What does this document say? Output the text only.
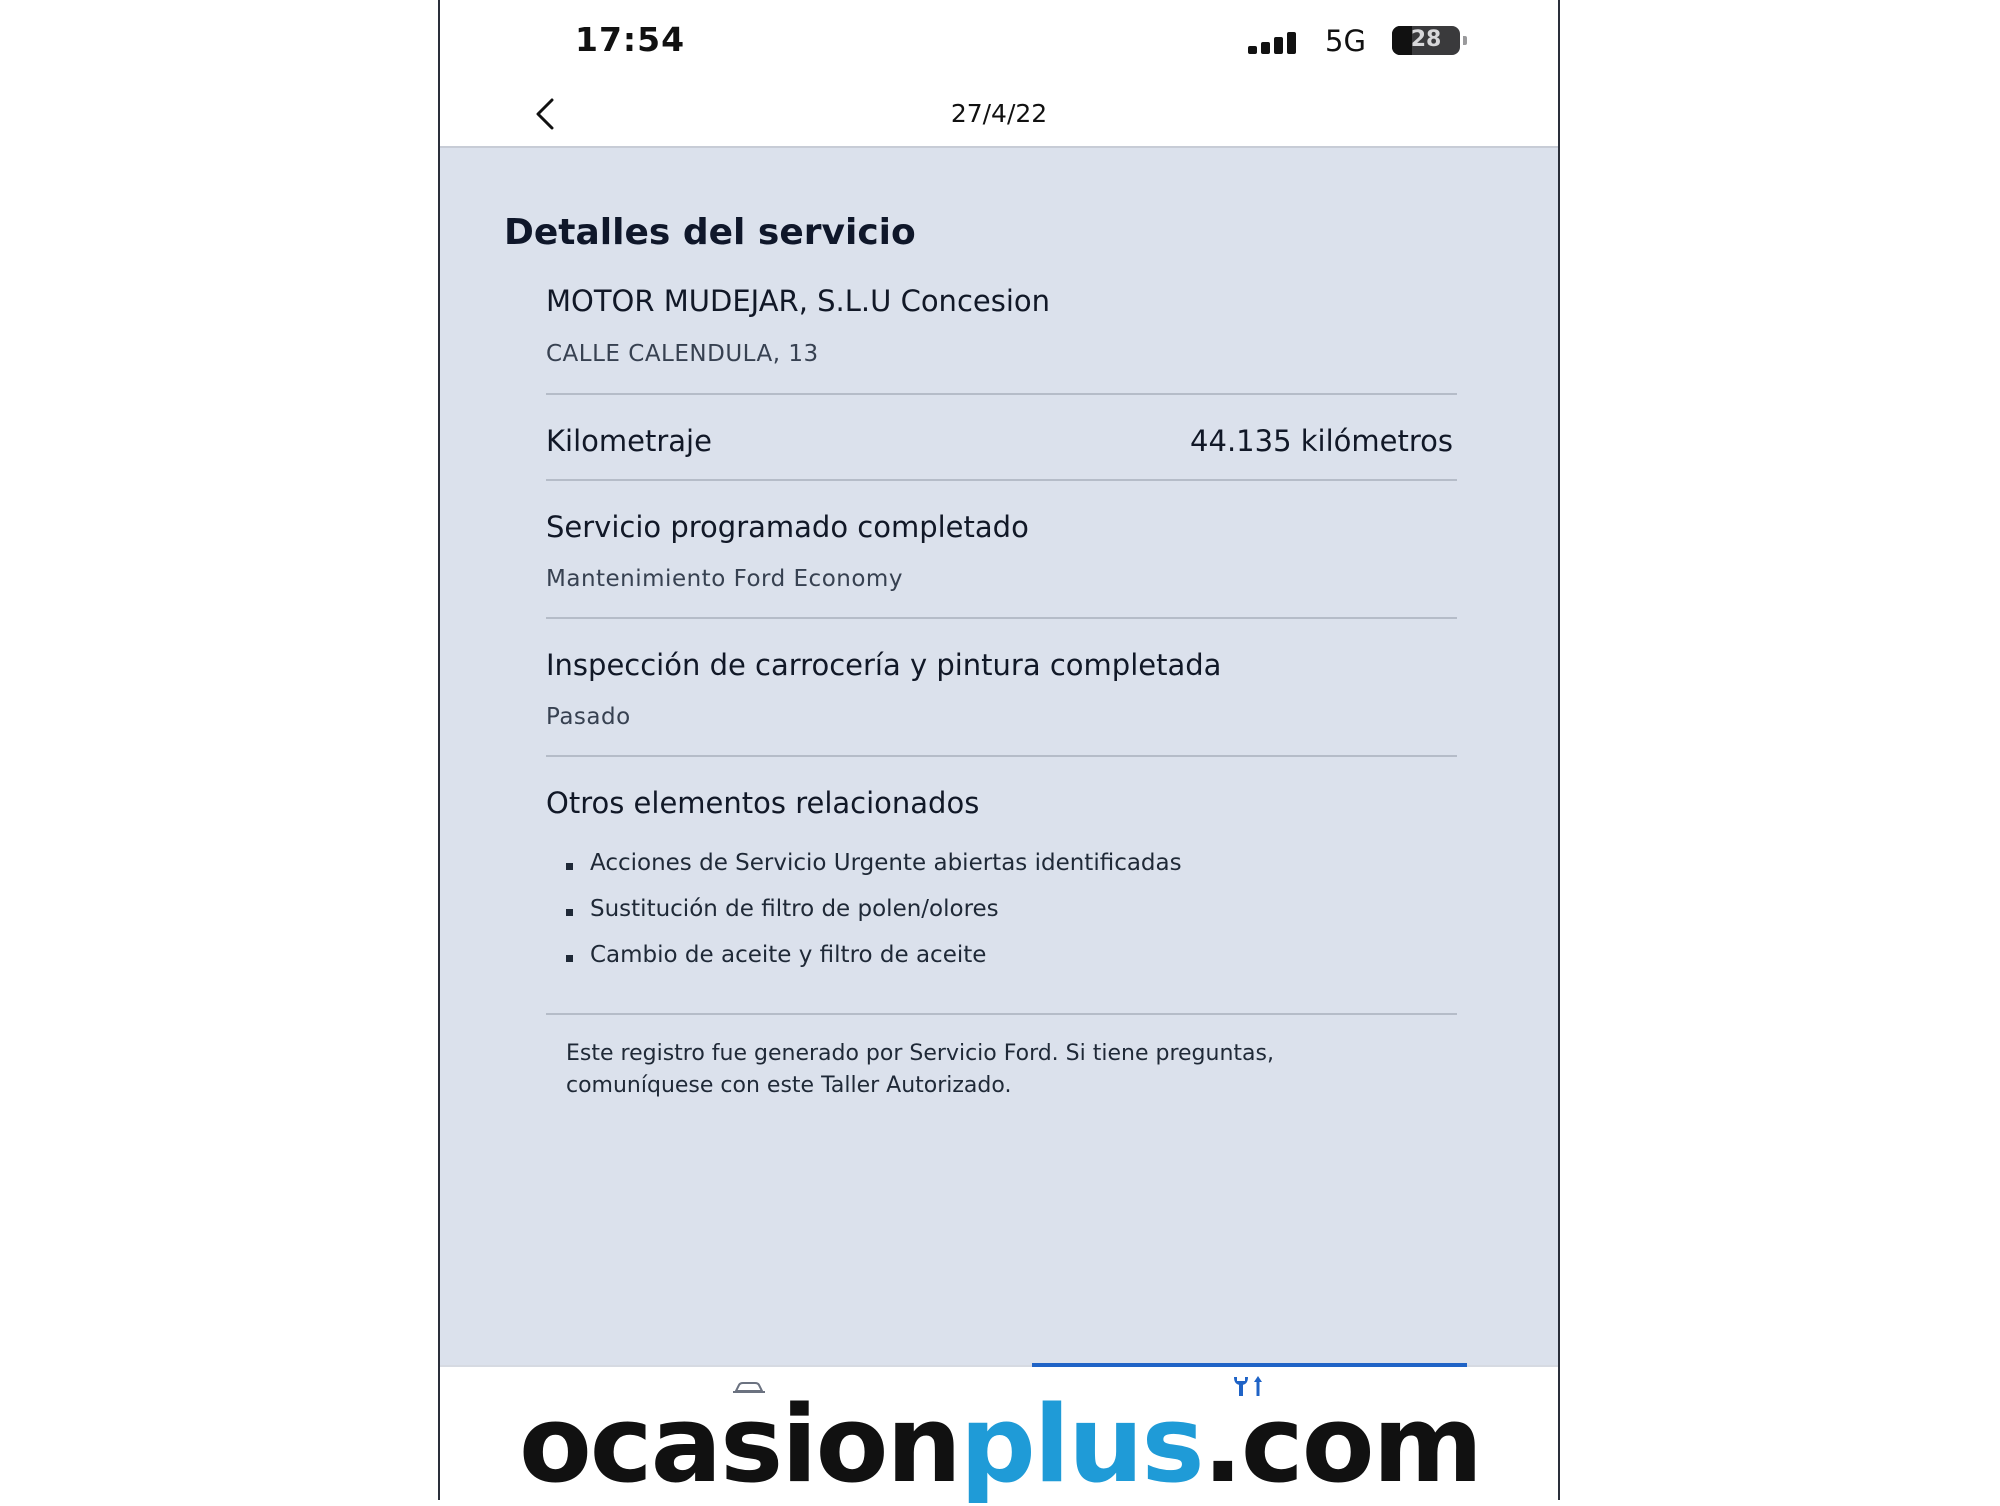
17:54	5G	28
27/4/22
Detalles del servicio
MOTOR MUDEJAR, S.L.U Concesion
CALLE CALENDULA, 13
Kilometraje	44.135 kilómetros
Servicio programado completado
Mantenimiento Ford Economy
Inspección de carrocería y pintura completada
Pasado
Otros elementos relacionados
Acciones de Servicio Urgente abiertas identificadas
Sustitución de filtro de polen/olores
Cambio de aceite y filtro de aceite
Este registro fue generado por Servicio Ford. Si tiene preguntas, comuníquese con este Taller Autorizado.
ocasionplus.com
